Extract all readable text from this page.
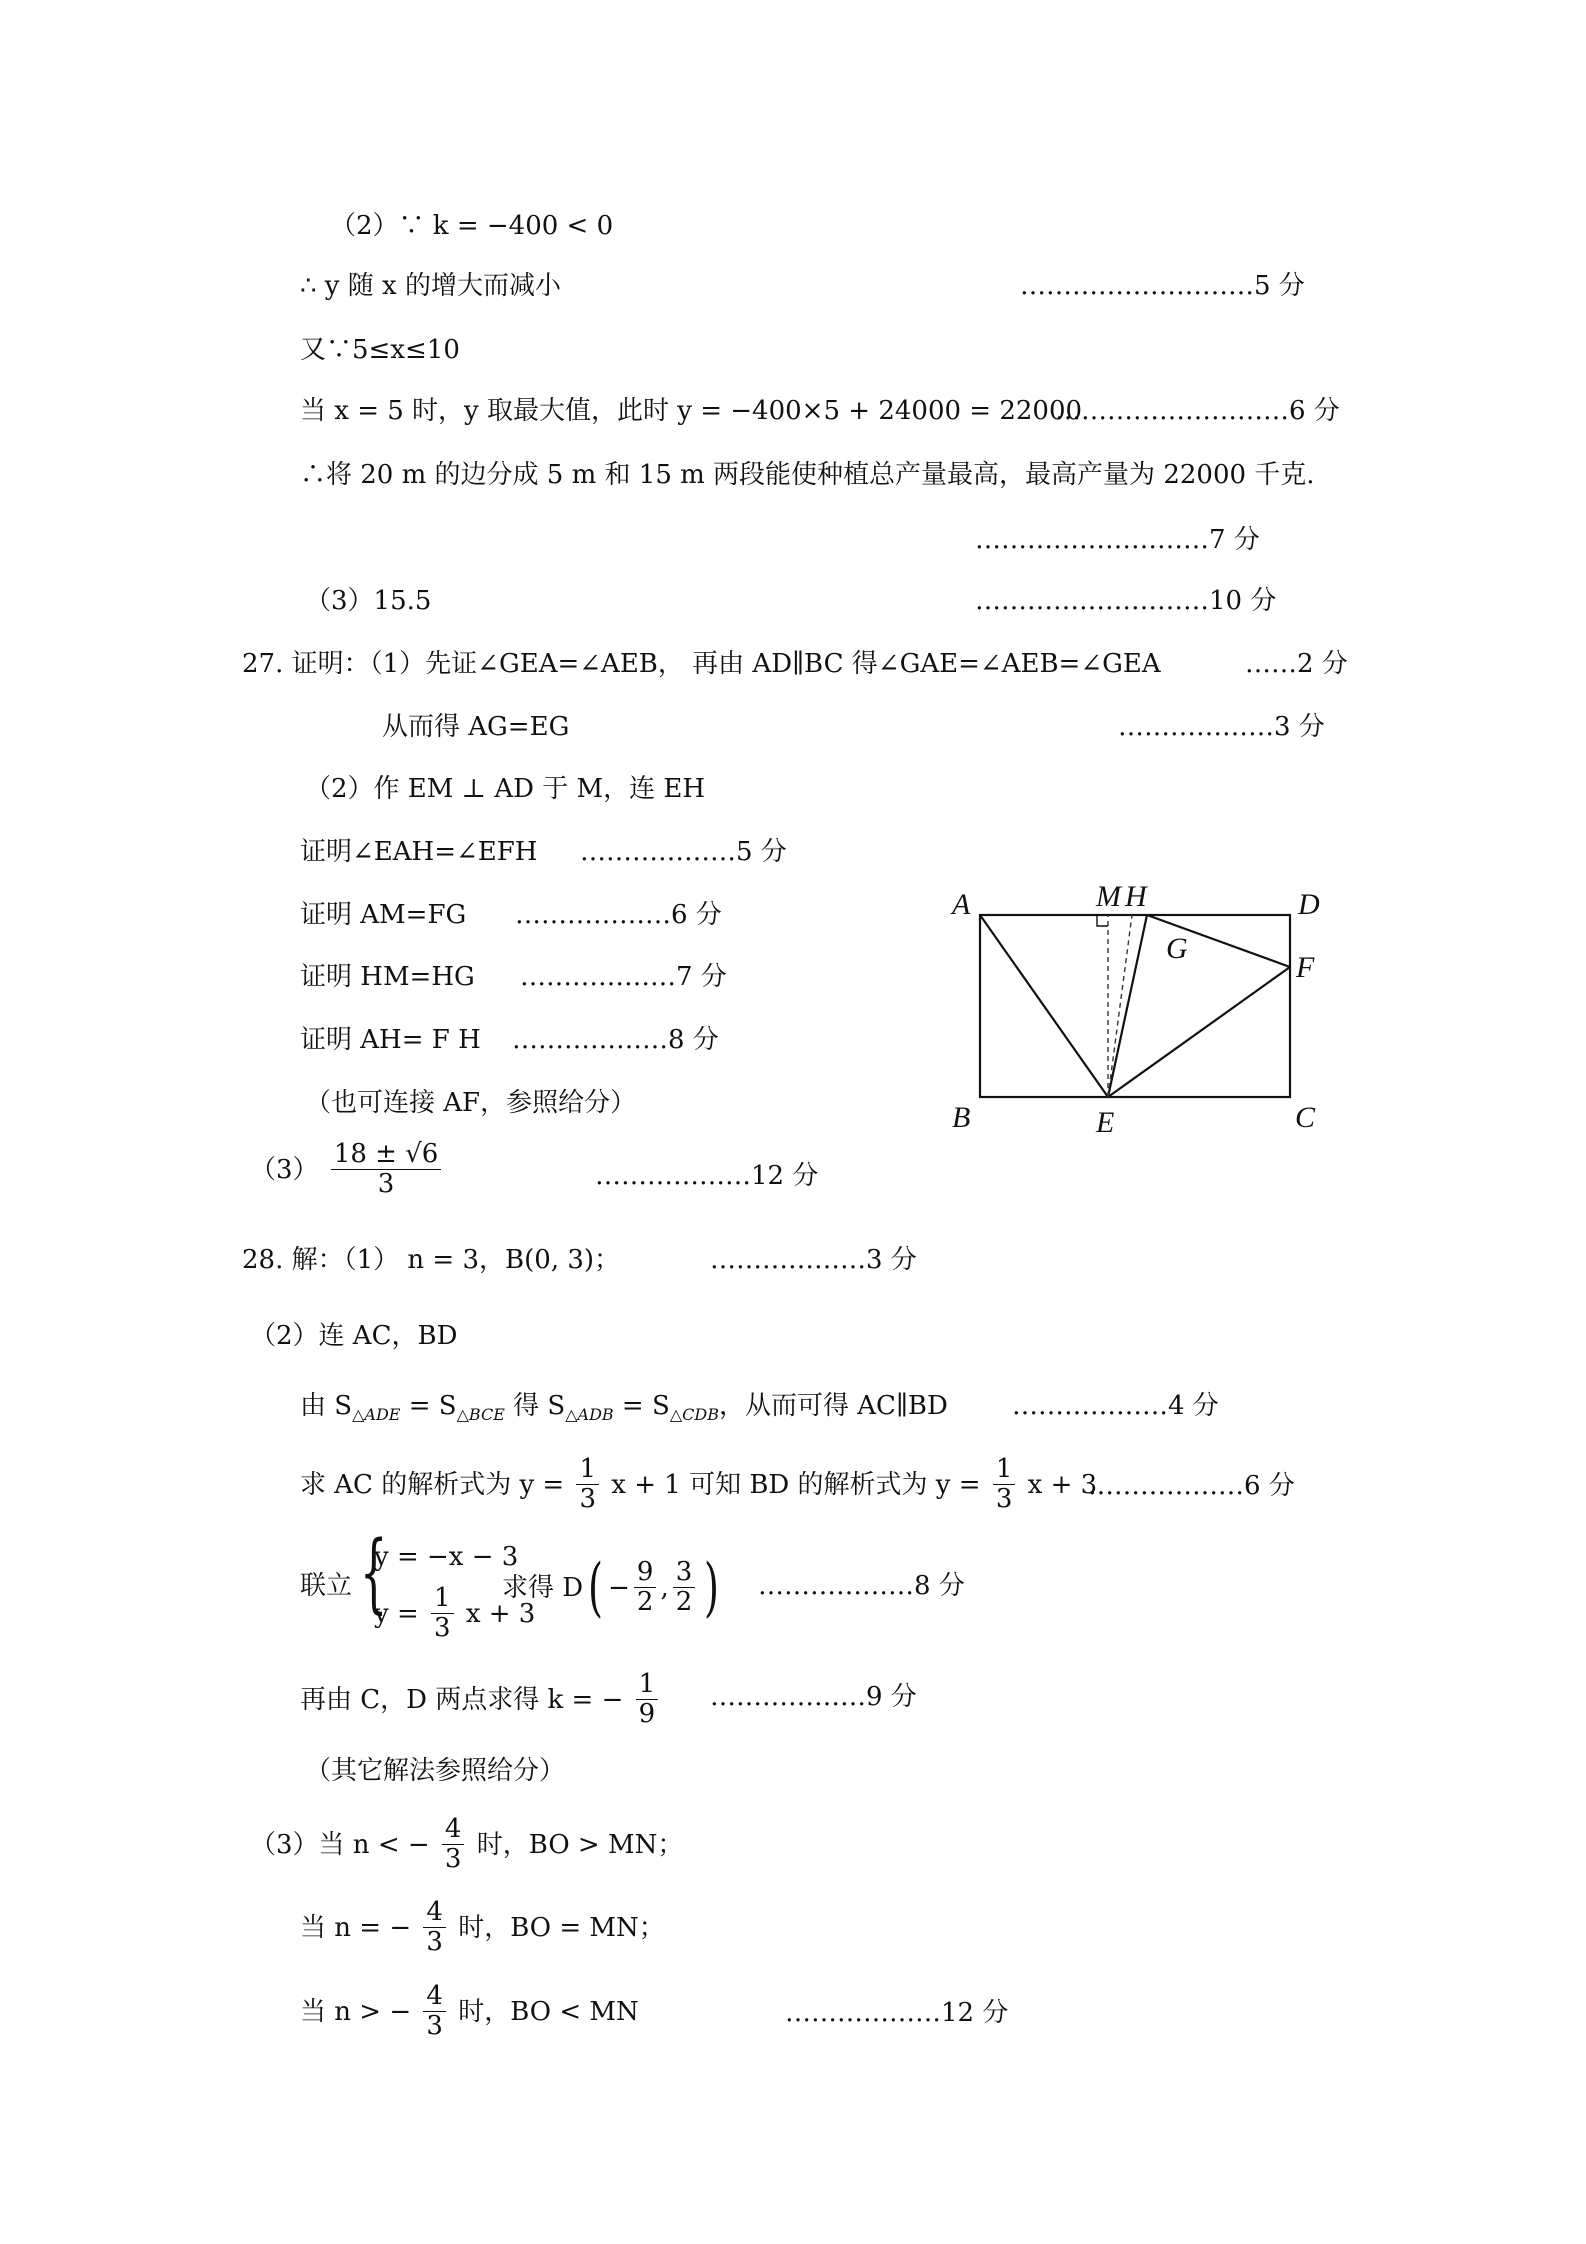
（2）∵ k = −400 < 0
∴ y 随 x 的增大而减小	………………………5 分
又∵5≤x≤10
当 x = 5 时，y 取最大值，此时 y = −400×5 + 24000 = 22000
………………………6 分
∴将 20 m 的边分成 5 m 和 15 m 两段能使种植总产量最高，最高产量为 22000 千克.
………………………7 分
（3）15.5	………………………10 分
27. 证明：（1）先证∠GEA=∠AEB， 再由 AD∥BC 得∠GAE=∠AEB=∠GEA	……2 分
从而得 AG=EG	………………3 分
（2）作 EM ⊥ AD 于 M，连 EH
证明∠EAH=∠EFH ………………5 分
证明 AM=FG ………………6 分
证明 HM=HG ………………7 分
证明 AH= F H ………………8 分
（也可连接 AF，参照给分）
$(3) \frac{18 \pm √6}{3}$	………………12 分
A	M H	D
G
F
B	E	C
28. 解：（1） n = 3，B(0, 3)；	………………3 分
（2）连 AC，BD
由 $S_{\triangle ADE} = S_{\triangle BCE}$ 得 $S_{\triangle ADB} = S_{\triangle CDB}$，从而可得 AC∥BD ………………4 分
求 AC 的解析式为 $y = \frac{1}{3}$ x + 1 可知 BD 的解析式为 $y = \frac{1}{3}$ x + 3
………………6 分
联立 {
y = −x − 3
$y = \frac{1}{3}$ x + 3
求得 $D( - \frac{9}{2}$ , $\frac{3}{2}$ ) ………………8 分
再由 C，D 两点求得 k = − $\frac{1}{9}$ ………………9 分
（其它解法参照给分）
（3）当 n < − $\frac{4}{3}$ 时，BO > MN；
当 n = − $\frac{4}{3}$ 时，BO = MN；
当 n > − $\frac{4}{3}$ 时，BO < MN	………………12 分
